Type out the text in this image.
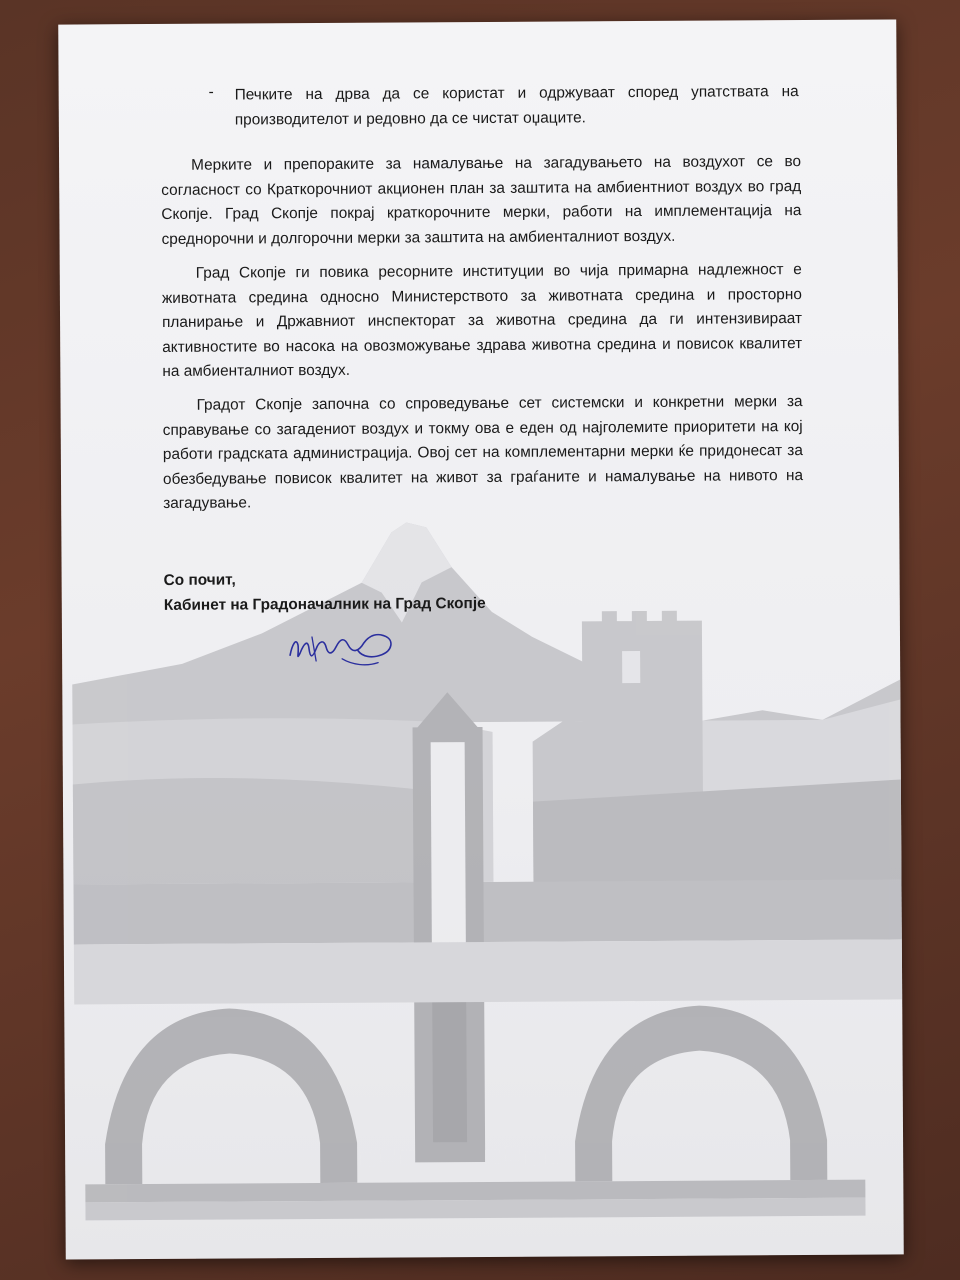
- Печките на дрва да се користат и одржуваат според упатствата на производителот и редовно да се чистат оџаците.

Мерките и препораките за намалување на загадувањето на воздухот се во согласност со Краткорочниот акционен план за заштита на амбиентниот воздух во град Скопје. Град Скопје покрај краткорочните мерки, работи на имплементација на среднорочни и долгорочни мерки за заштита на амбиенталниот воздух.

Град Скопје ги повика ресорните институции во чија примарна надлежност е животната средина односно Министерството за животната средина и просторно планирање и Државниот инспекторат за животна средина да ги интензивираат активностите во насока на овозможување здрава животна средина и повисок квалитет на амбиенталниот воздух.

Градот Скопје започна со спроведување сет системски и конкретни мерки за справување со загадениот воздух и токму ова е еден од најголемите приоритети на кој работи градската администрација. Овој сет на комплементарни мерки ќе придонесат за обезбедување повисок квалитет на живот за граѓаните и намалување на нивото на загадување.

Со почит,
Кабинет на Градоначалник на Град Скопје
